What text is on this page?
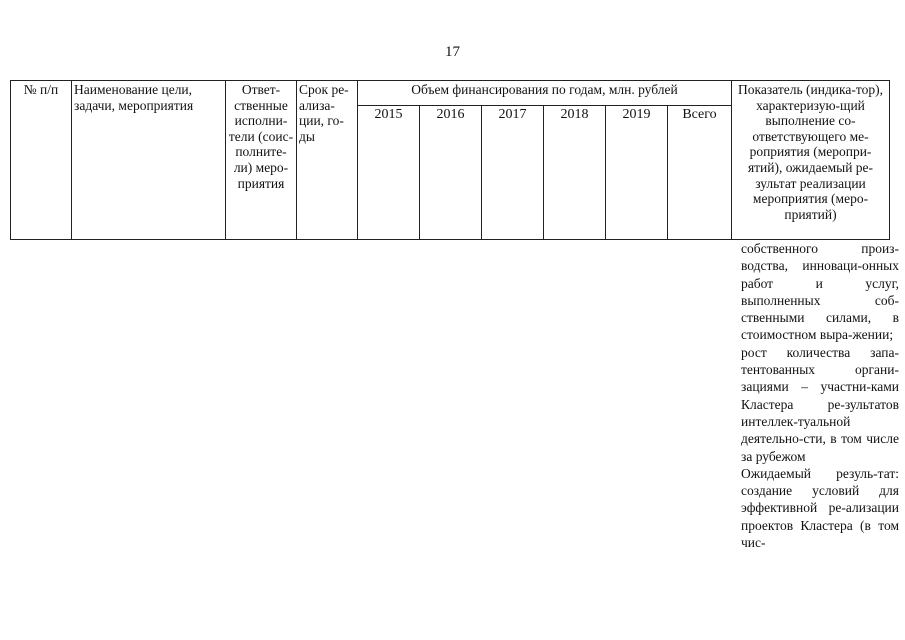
17
№ п/п	Наименование цели, задачи, мероприятия	Ответ-ственные исполни-тели (соис-полните-ли) меро-приятия	Срок ре-ализа-ции, го-ды	Объем финансирования по годам, млн. рублей						Показатель (индика-тор), характеризую-щий выполнение со-ответствующего ме-роприятия (меропри-ятий), ожидаемый ре-зультат реализации мероприятия (меро-приятий)
				2015	2016	2017	2018	2019	Всего	

собственного произ-водства, инноваци-онных работ и услуг, выполненных соб-ственными силами, в стоимостном выра-жении;

рост количества запа-тентованных органи-зациями – участни-ками Кластера ре-зультатов интеллек-туальной деятельно-сти, в том числе за рубежом

Ожидаемый резуль-тат: создание условий для эффективной ре-ализации проектов Кластера (в том чис-
